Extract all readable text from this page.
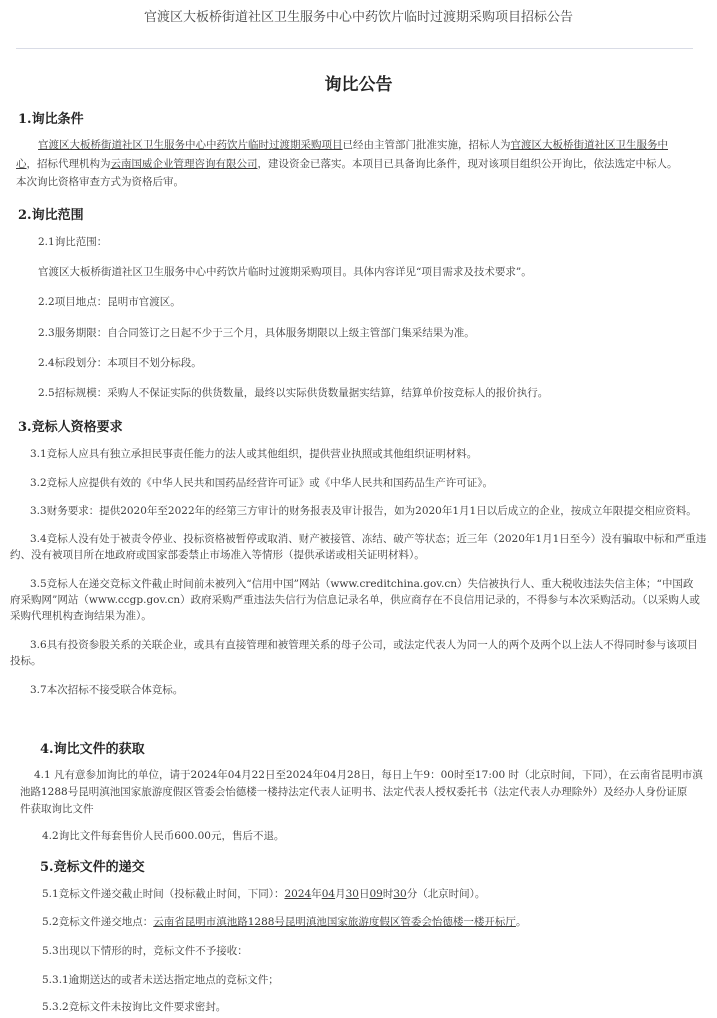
官渡区大板桥街道社区卫生服务中心中药饮片临时过渡期采购项目招标公告
询比公告
1.询比条件
官渡区大板桥街道社区卫生服务中心中药饮片临时过渡期采购项目已经由主管部门批准实施，招标人为官渡区大板桥街道社区卫生服务中
心，招标代理机构为云南国威企业管理咨询有限公司，建设资金已落实。本项目已具备询比条件，现对该项目组织公开询比，依法选定中标人。
本次询比资格审查方式为资格后审。
2.询比范围
2.1询比范围：
官渡区大板桥街道社区卫生服务中心中药饮片临时过渡期采购项目。具体内容详见“项目需求及技术要求”。
2.2项目地点：昆明市官渡区。
2.3服务期限：自合同签订之日起不少于三个月，具体服务期限以上级主管部门集采结果为准。
2.4标段划分：本项目不划分标段。
2.5招标规模：采购人不保证实际的供货数量，最终以实际供货数量据实结算，结算单价按竞标人的报价执行。
3.竞标人资格要求
3.1竞标人应具有独立承担民事责任能力的法人或其他组织，提供营业执照或其他组织证明材料。
3.2竞标人应提供有效的《中华人民共和国药品经营许可证》或《中华人民共和国药品生产许可证》。
3.3财务要求：提供2020年至2022年的经第三方审计的财务报表及审计报告，如为2020年1月1日以后成立的企业，按成立年限提交相应资料。
3.4竞标人没有处于被责令停业、投标资格被暂停或取消、财产被接管、冻结、破产等状态；近三年（2020年1月1日至今）没有骗取中标和严重违
约、没有被项目所在地政府或国家部委禁止市场准入等情形（提供承诺或相关证明材料）。
3.5竞标人在递交竞标文件截止时间前未被列入“信用中国”网站（www.creditchina.gov.cn）失信被执行人、重大税收违法失信主体；“中国政
府采购网”网站（www.ccgp.gov.cn）政府采购严重违法失信行为信息记录名单，供应商存在不良信用记录的，不得参与本次采购活动。（以采购人或
采购代理机构查询结果为准）。
3.6具有投资参股关系的关联企业，或具有直接管理和被管理关系的母子公司，或法定代表人为同一人的两个及两个以上法人不得同时参与该项目
投标。
3.7本次招标不接受联合体竞标。
4.询比文件的获取
4.1 凡有意参加询比的单位，请于2024年04月22日至2024年04月28日，每日上午9：00时至17:00 时（北京时间，下同），在云南省昆明市滇
池路1288号昆明滇池国家旅游度假区管委会怡德楼一楼持法定代表人证明书、法定代表人授权委托书（法定代表人办理除外）及经办人身份证原
件获取询比文件
4.2询比文件每套售价人民币600.00元，售后不退。
5.竞标文件的递交
5.1竞标文件递交截止时间（投标截止时间，下同）：2024年04月30日09时30分（北京时间）。
5.2竞标文件递交地点：云南省昆明市滇池路1288号昆明滇池国家旅游度假区管委会怡德楼一楼开标厅。
5.3出现以下情形的时，竞标文件不予接收：
5.3.1逾期送达的或者未送达指定地点的竞标文件；
5.3.2竞标文件未按询比文件要求密封。
